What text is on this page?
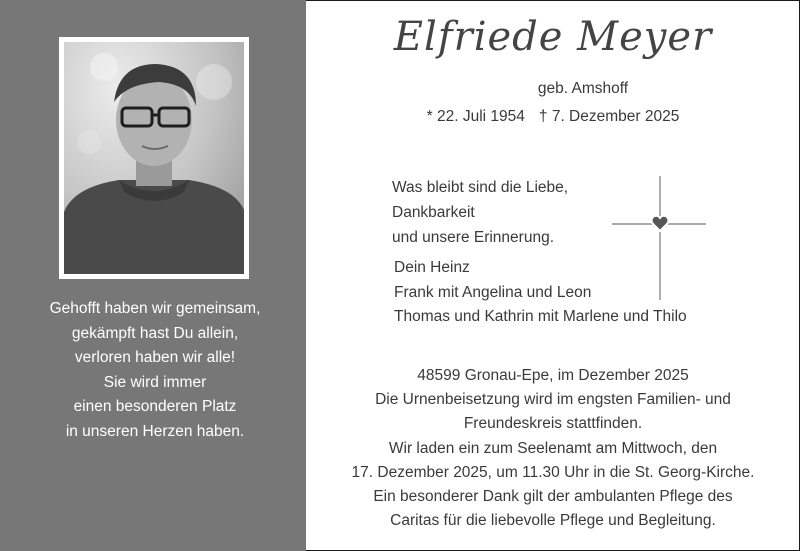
Gehofft haben wir gemeinsam,
gekämpft hast Du allein,
verloren haben wir alle!
Sie wird immer
einen besonderen Platz
in unseren Herzen haben.
Elfriede Meyer
geb. Amshoff
* 22. Juli 1954 † 7. Dezember 2025
Was bleibt sind die Liebe,
Dankbarkeit
und unsere Erinnerung.
Dein Heinz
Frank mit Angelina und Leon
Thomas und Kathrin mit Marlene und Thilo
48599 Gronau-Epe, im Dezember 2025
Die Urnenbeisetzung wird im engsten Familien- und
Freundeskreis stattfinden.
Wir laden ein zum Seelenamt am Mittwoch, den
17. Dezember 2025, um 11.30 Uhr in die St. Georg-Kirche.
Ein besonderer Dank gilt der ambulanten Pflege des
Caritas für die liebevolle Pflege und Begleitung.
